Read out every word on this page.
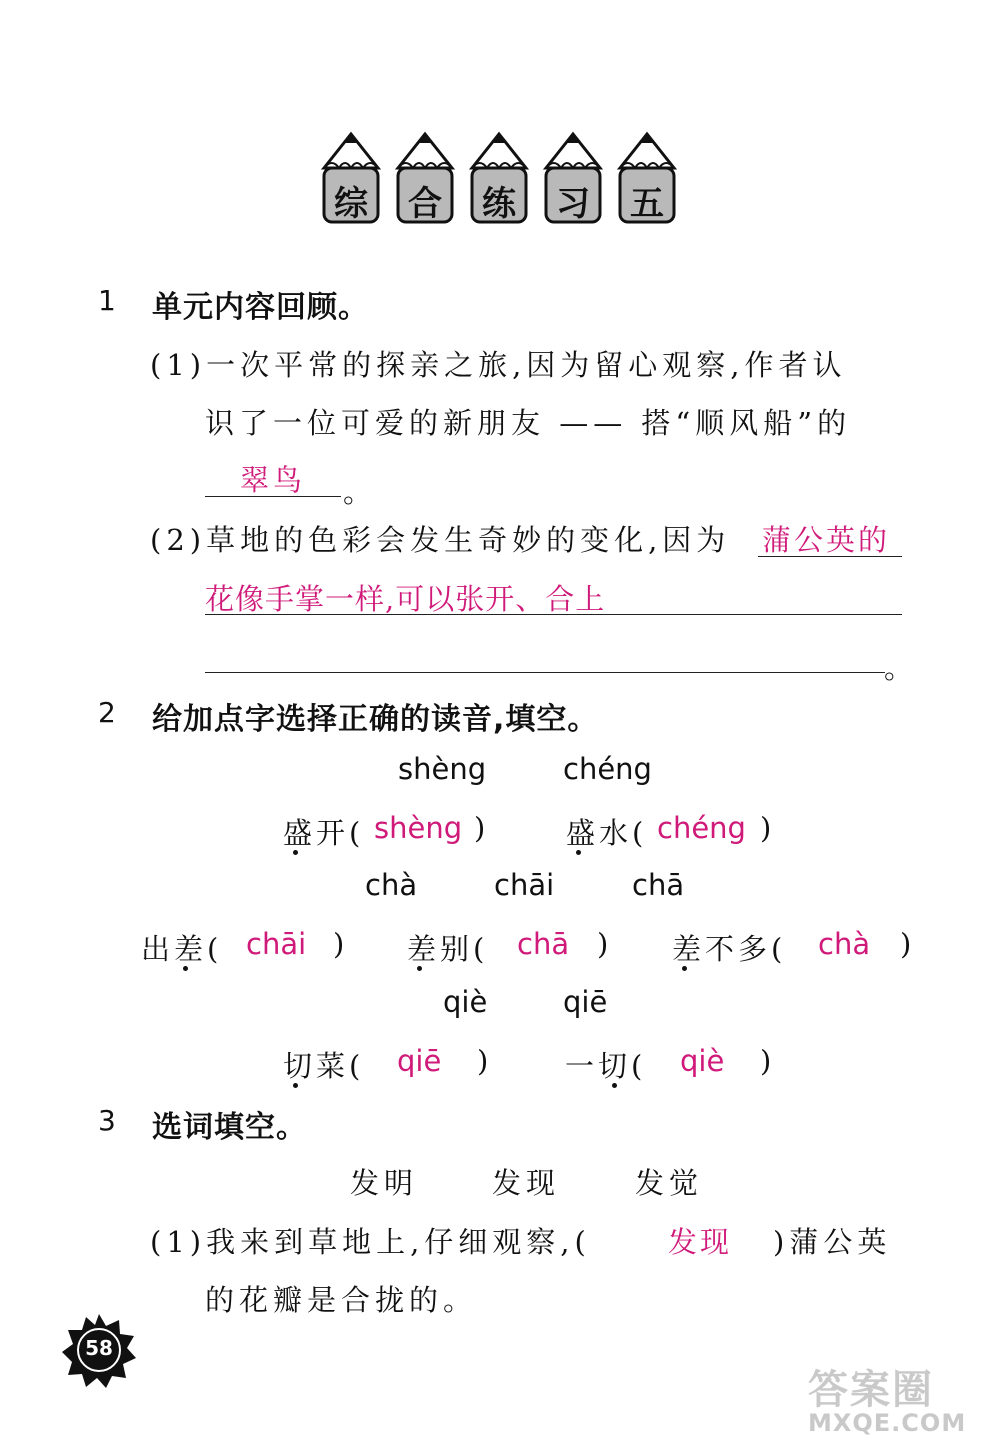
综	合	练	习	五
1 单元内容回顾。
(1)一次平常的探亲之旅,因为留心观察,作者认
识了一位可爱的新朋友 —— 搭“顺风船”的
翠鸟 。
(2)草地的色彩会发生奇妙的变化,因为 蒲公英的
花像手掌一样,可以张开、合上
。
2 给加点字选择正确的读音,填空。
shèng	chéng
盛开( shèng )	盛水( chéng )
chà	chāi	chā
出差( chāi ) 差别( chā ) 差不多( chà )
qiè	qiē
切菜( qiē ) 一切( qiè )
3 选词填空。
发明	发现	发觉
(1)我来到草地上,仔细观察,(	发现 )蒲公英
的花瓣是合拢的。
58
答案圈
MXQE.COM
